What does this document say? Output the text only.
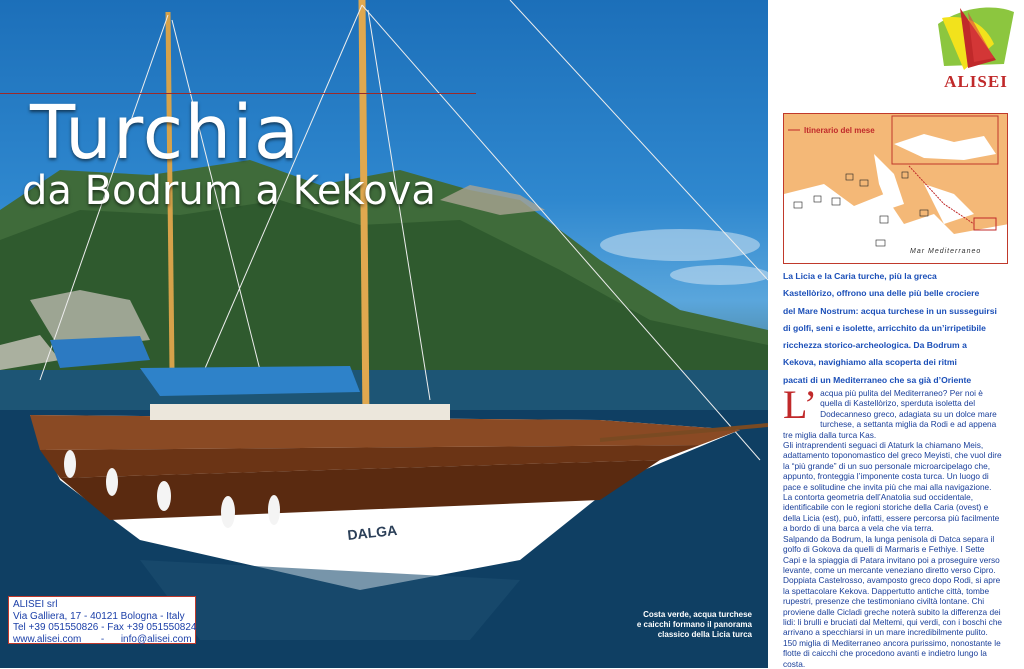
DALGA
Turchia
da Bodrum a Kekova
ALISEI srl
Via Galliera, 17 - 40121 Bologna - Italy
Tel +39 051550826 - Fax +39 051550824
www.alisei.com - info@alisei.com
Costa verde, acqua turchese
e caicchi formano il panorama
classico della Licia turca
ALISEI
Itinerario del mese
Mar Mediterraneo
La Licia e la Caria turche, più la greca
Kastellòrizo, offrono una delle più belle crociere
del Mare Nostrum: acqua turchese in un susseguirsi
di golfi, seni e isolette, arricchito da un’irripetibile
ricchezza storico-archeologica. Da Bodrum a
Kekova, navighiamo alla scoperta dei ritmi
pacati di un Mediterraneo che sa già d’Oriente
L’ acqua più pulita del Mediterraneo? Per noi è quella di Kastellòrizo, sperduta isoletta del Dodecanneso greco, adagiata su un dolce mare turchese, a settanta miglia da Rodi e ad appena tre miglia dalla turca Kas.
Gli intraprendenti seguaci di Ataturk la chiamano Meis, adattamento toponomastico del greco Meyisti, che vuol dire la “più grande” di un suo personale microarcipelago che, appunto, fronteggia l’imponente costa turca. Un luogo di pace e solitudine che invita più che mai alla navigazione.
La contorta geometria dell’Anatolia sud occidentale, identificabile con le regioni storiche della Caria (ovest) e della Licia (est), può, infatti, essere percorsa più facilmente a bordo di una barca a vela che via terra.
Salpando da Bodrum, la lunga penisola di Datca separa il golfo di Gokova da quelli di Marmaris e Fethiye. I Sette Capi e la spiaggia di Patara invitano poi a proseguire verso levante, come un mercante veneziano diretto verso Cipro. Doppiata Castelrosso, avamposto greco dopo Rodi, si apre la spettacolare Kekova. Dappertutto antiche città, tombe rupestri, presenze che testimoniano civiltà lontane. Chi proviene dalle Cicladi greche noterà subito la differenza dei lidi: li brulli e bruciati dal Meltemi, qui verdi, con i boschi che arrivano a specchiarsi in un mare incredibilmente pulito. 150 miglia di Mediterraneo ancora purissimo, nonostante le flotte di caicchi che procedono avanti e indietro lungo la costa.
